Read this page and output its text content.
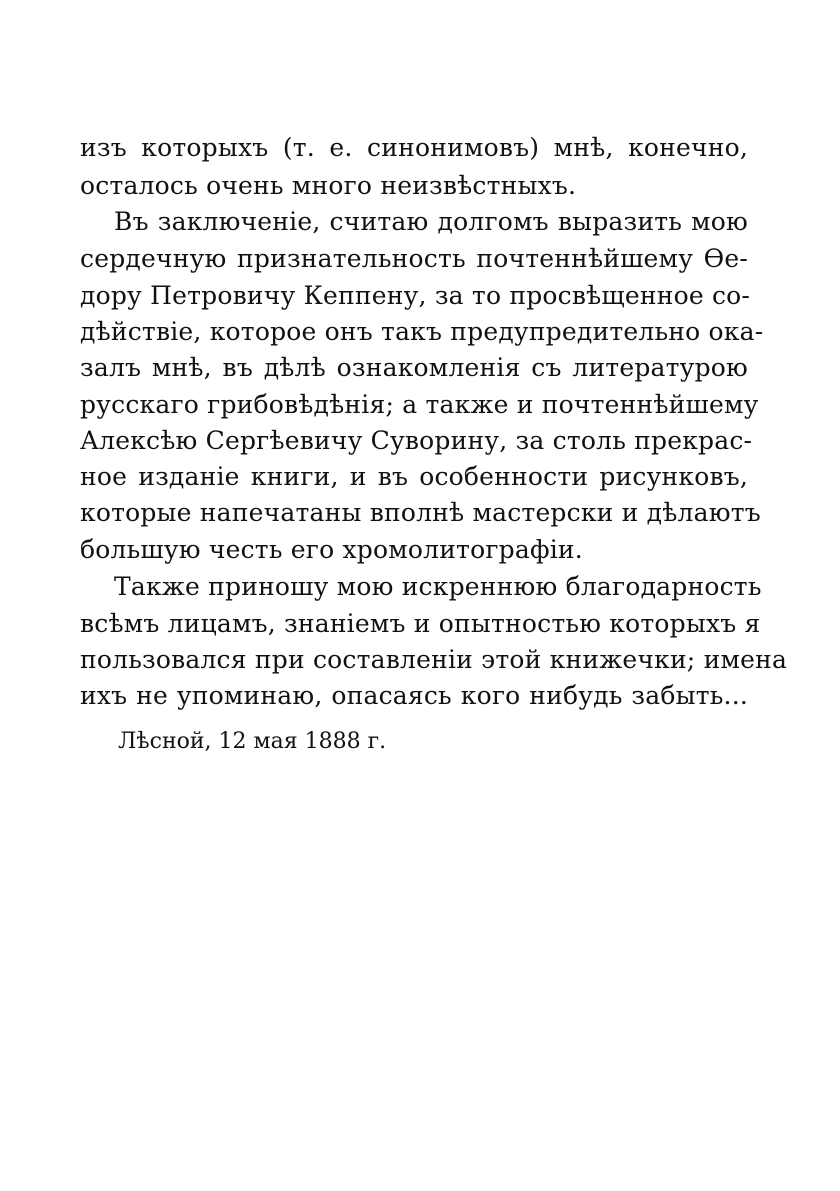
изъ которыхъ (т. е. синонимовъ) мнѣ, конечно,
осталось очень много неизвѣстныхъ.
Въ заключенiе, считаю долгомъ выразить мою
сердечную признательность почтеннѣйшему Ѳе-
дору Петровичу Кеппену, за то просвѣщенное со-
дѣйствiе, которое онъ такъ предупредительно ока-
залъ мнѣ, въ дѣлѣ ознакомленiя съ литературою
русскаго грибовѣдѣнiя; а также и почтеннѣйшему
Алексѣю Сергѣевичу Суворину, за столь прекрас-
ное изданiе книги, и въ особенности рисунковъ,
которые напечатаны вполнѣ мастерски и дѣлаютъ
большую честь его хромолитографiи.
Также приношу мою искреннюю благодарность
всѣмъ лицамъ, знанiемъ и опытностью которыхъ я
пользовался при составленiи этой книжечки; имена
ихъ не упоминаю, опасаясь кого нибудь забыть...
Лѣсной, 12 мая 1888 г.
